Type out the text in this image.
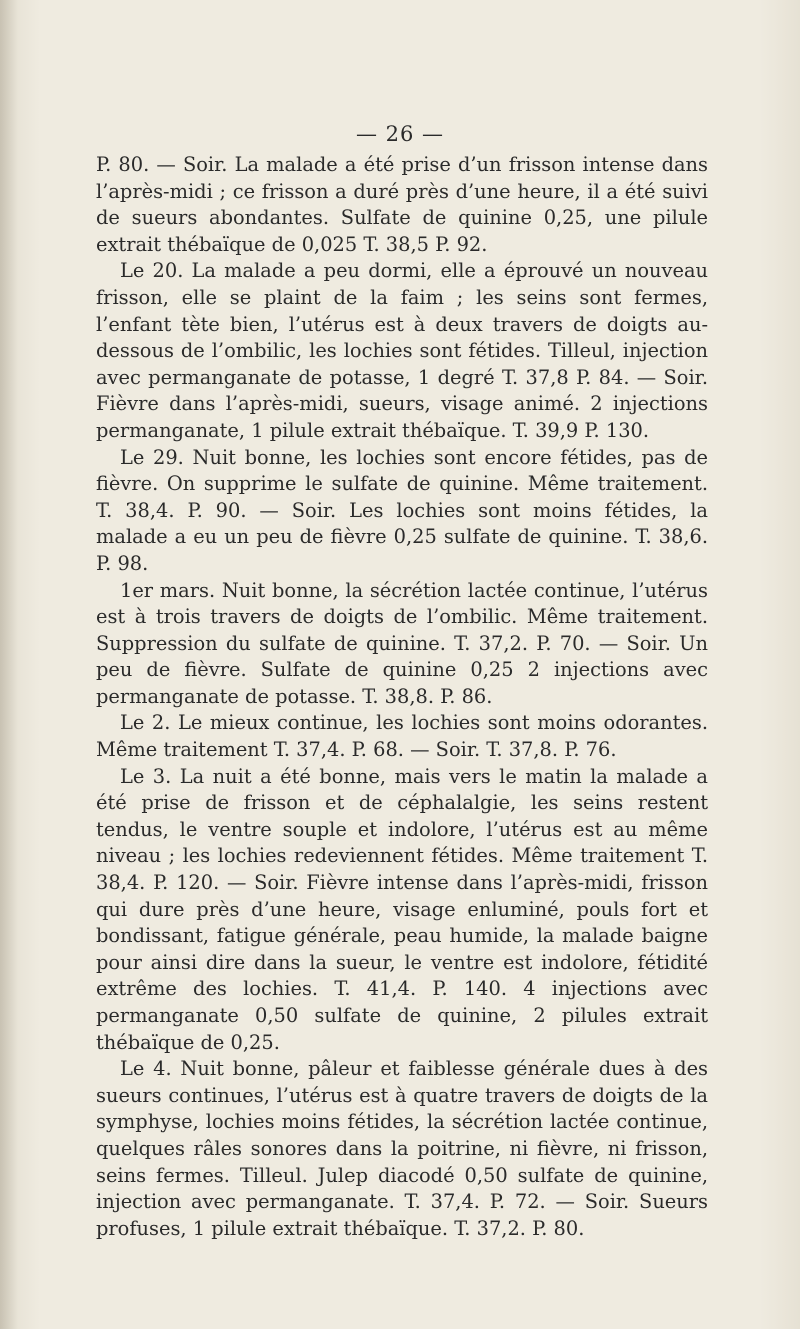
— 26 —

P. 80. — Soir. La malade a été prise d’un frisson intense dans l’après-midi ; ce frisson a duré près d’une heure, il a été suivi de sueurs abondantes. Sulfate de quinine 0,25, une pilule extrait thébaïque de 0,025 T. 38,5 P. 92.

Le 20. La malade a peu dormi, elle a éprouvé un nouveau frisson, elle se plaint de la faim ; les seins sont fermes, l’enfant tète bien, l’utérus est à deux travers de doigts au-dessous de l’ombilic, les lochies sont fétides. Tilleul, injection avec permanganate de potasse, 1 degré T. 37,8 P. 84. — Soir. Fièvre dans l’après-midi, sueurs, visage animé. 2 injections permanganate, 1 pilule extrait thébaïque. T. 39,9 P. 130.

Le 29. Nuit bonne, les lochies sont encore fétides, pas de fièvre. On supprime le sulfate de quinine. Même traitement. T. 38,4. P. 90. — Soir. Les lochies sont moins fétides, la malade a eu un peu de fièvre 0,25 sulfate de quinine. T. 38,6. P. 98.

1er mars. Nuit bonne, la sécrétion lactée continue, l’utérus est à trois travers de doigts de l’ombilic. Même traitement. Suppression du sulfate de quinine. T. 37,2. P. 70. — Soir. Un peu de fièvre. Sulfate de quinine 0,25 2 injections avec permanganate de potasse. T. 38,8. P. 86.

Le 2. Le mieux continue, les lochies sont moins odorantes. Même traitement T. 37,4. P. 68. — Soir. T. 37,8. P. 76.

Le 3. La nuit a été bonne, mais vers le matin la malade a été prise de frisson et de céphalalgie, les seins restent tendus, le ventre souple et indolore, l’utérus est au même niveau ; les lochies redeviennent fétides. Même traitement T. 38,4. P. 120. — Soir. Fièvre intense dans l’après-midi, frisson qui dure près d’une heure, visage enluminé, pouls fort et bondissant, fatigue générale, peau humide, la malade baigne pour ainsi dire dans la sueur, le ventre est indolore, fétidité extrême des lochies. T. 41,4. P. 140. 4 injections avec permanganate 0,50 sulfate de quinine, 2 pilules extrait thébaïque de 0,25.

Le 4. Nuit bonne, pâleur et faiblesse générale dues à des sueurs continues, l’utérus est à quatre travers de doigts de la symphyse, lochies moins fétides, la sécrétion lactée continue, quelques râles sonores dans la poitrine, ni fièvre, ni frisson, seins fermes. Tilleul. Julep diacodé 0,50 sulfate de quinine, injection avec permanganate. T. 37,4. P. 72. — Soir. Sueurs profuses, 1 pilule extrait thébaïque. T. 37,2. P. 80.
